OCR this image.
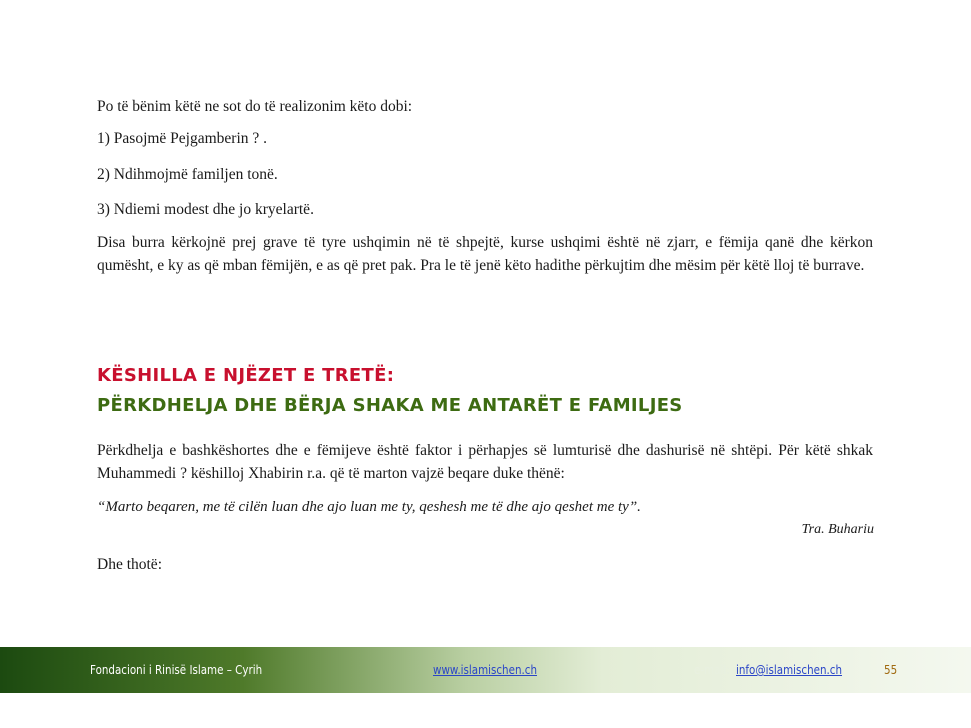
Po të bënim këtë ne sot do të realizonim këto dobi:
1) Pasojmë Pejgamberin ? .
2) Ndihmojmë familjen tonë.
3) Ndiemi modest dhe jo kryelartë.
Disa burra kërkojnë prej grave të tyre ushqimin në të shpejtë, kurse ushqimi është në zjarr, e fëmija qanë dhe kërkon qumësht, e ky as që mban fëmijën, e as që pret pak. Pra le të jenë këto hadithe përkujtim dhe mësim për këtë lloj të burrave.
KËSHILLA E NJËZET E TRETË:
PËRKDHELJA DHE BËRJA SHAKA ME ANTARËT E FAMILJES
Përkdhelja e bashkëshortes dhe e fëmijeve është faktor i përhapjes së lumturisë dhe dashurisë në shtëpi. Për këtë shkak Muhammedi ? këshilloj Xhabirin r.a. që të marton vajzë beqare duke thënë:
“Marto beqaren, me të cilën luan dhe ajo luan me ty, qeshesh me të dhe ajo qeshet me ty”.
Tra. Buhariu
Dhe thotë:
Fondacioni i Rinisë Islame – Cyrih	www.islamischen.ch	e-mail: info@islamischen.ch	55
